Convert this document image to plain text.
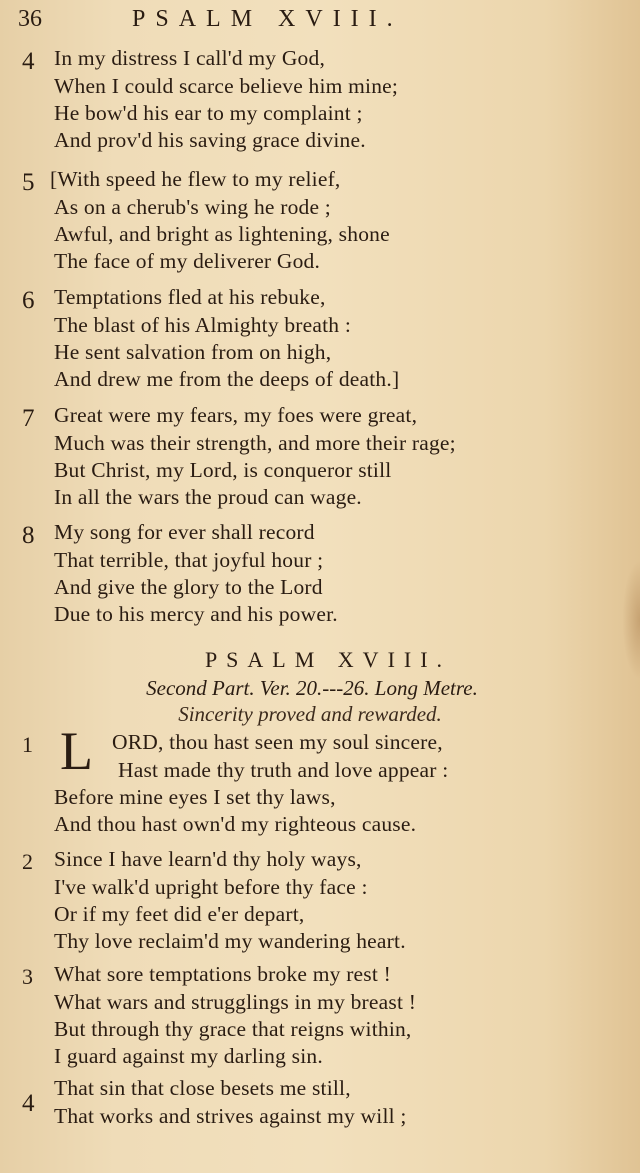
36	PSALM XVIII.
4 In my distress I call'd my God,
When I could scarce believe him mine;
He bow'd his ear to my complaint ;
And prov'd his saving grace divine.
5 [With speed he flew to my relief,
As on a cherub's wing he rode ;
Awful, and bright as lightening, shone
The face of my deliverer God.
6 Temptations fled at his rebuke,
The blast of his Almighty breath :
He sent salvation from on high,
And drew me from the deeps of death.]
7 Great were my fears, my foes were great,
Much was their strength, and more their rage;
But Christ, my Lord, is conqueror still
In all the wars the proud can wage.
8 My song for ever shall record
That terrible, that joyful hour ;
And give the glory to the Lord
Due to his mercy and his power.
PSALM XVIII.
Second Part. Ver. 20.---26. Long Metre.
Sincerity proved and rewarded.
1 L ORD, thou hast seen my soul sincere,
Hast made thy truth and love appear :
Before mine eyes I set thy laws,
And thou hast own'd my righteous cause.
2 Since I have learn'd thy holy ways,
I've walk'd upright before thy face :
Or if my feet did e'er depart,
Thy love reclaim'd my wandering heart.
3 What sore temptations broke my rest !
What wars and strugglings in my breast !
But through thy grace that reigns within,
I guard against my darling sin.
4
That sin that close besets me still,
That works and strives against my will ;
